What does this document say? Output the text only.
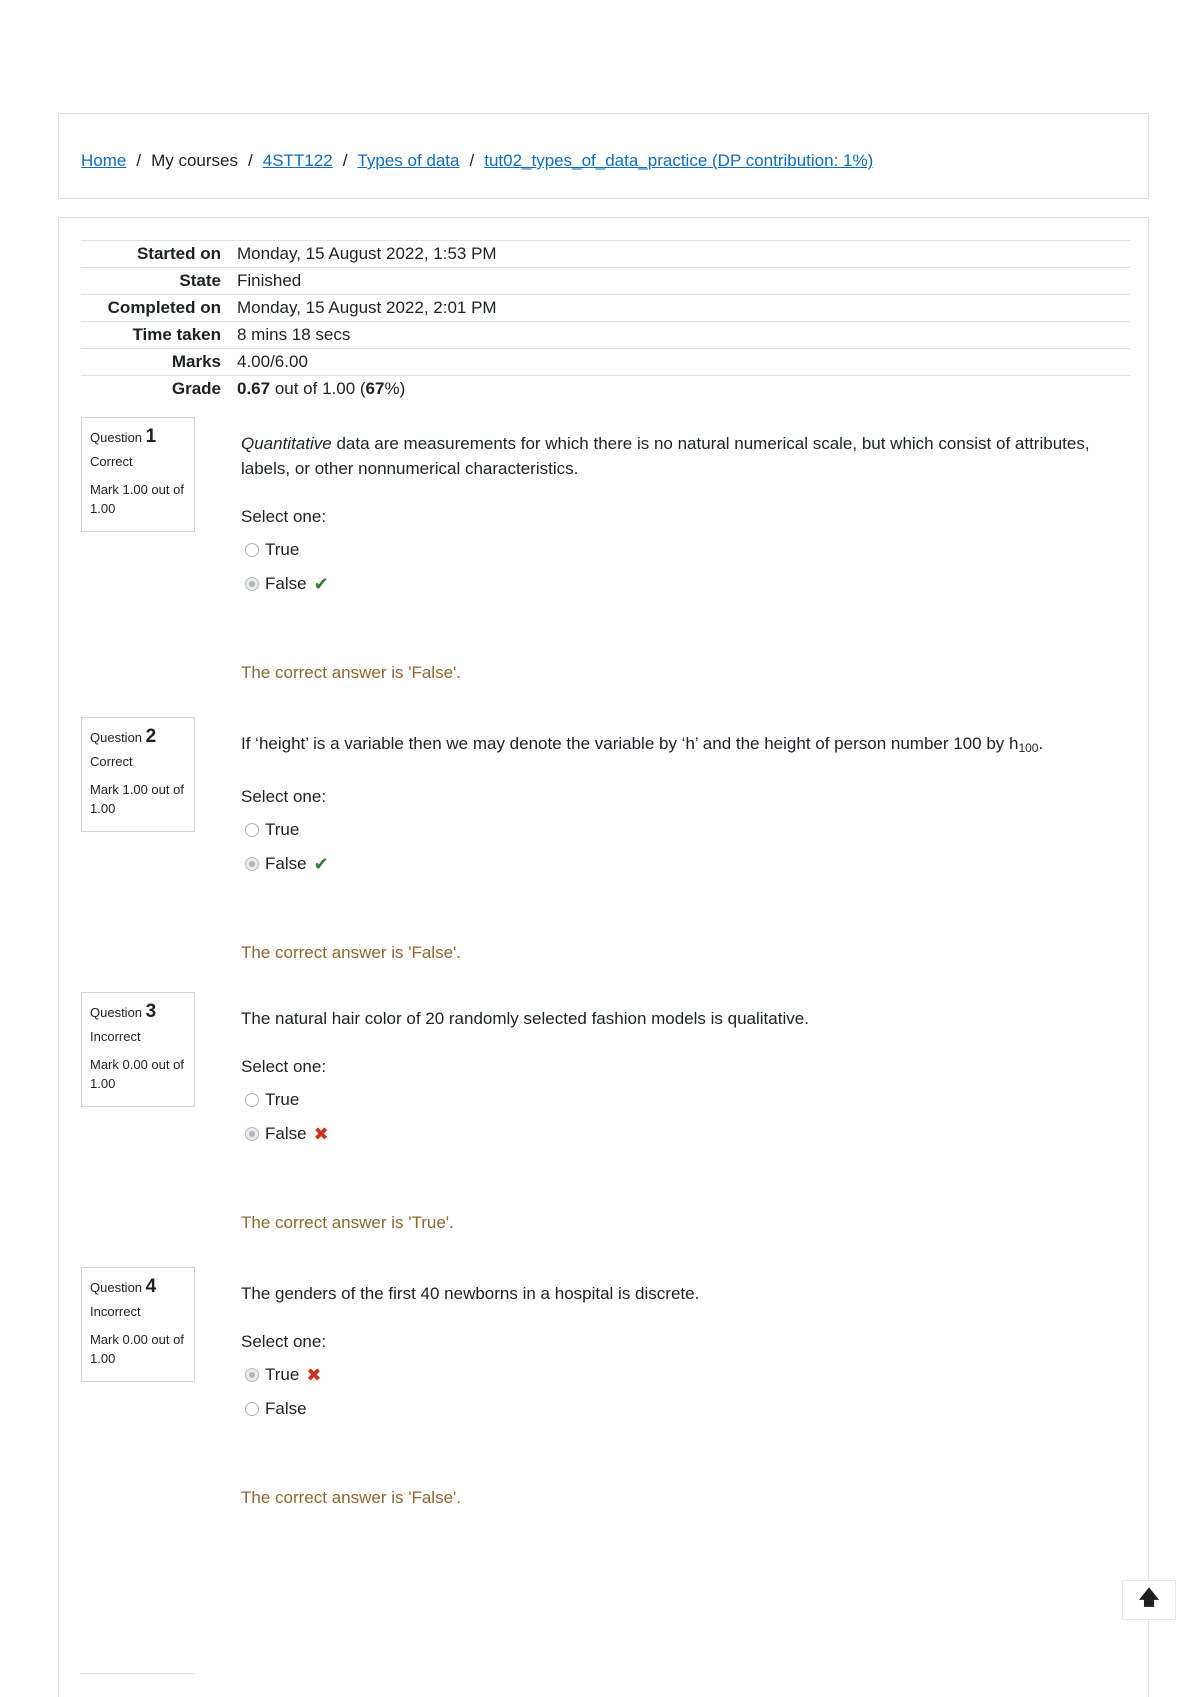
Home / My courses / 4STT122 / Types of data / tut02_types_of_data_practice (DP contribution: 1%)
Started on Monday, 15 August 2022, 1:53 PM
State Finished
Completed on Monday, 15 August 2022, 2:01 PM
Time taken 8 mins 18 secs
Marks 4.00/6.00
Grade 0.67 out of 1.00 (67%)
Question 1
Correct
Mark 1.00 out of 1.00
Quantitative data are measurements for which there is no natural numerical scale, but which consist of attributes, labels, or other nonnumerical characteristics.
Select one:
True
False ✔
The correct answer is 'False'.
Question 2
Correct
Mark 1.00 out of 1.00
If ‘height’ is a variable then we may denote the variable by ‘h’ and the height of person number 100 by $h_{100}$.
Select one:
True
False ✔
The correct answer is 'False'.
Question 3
Incorrect
Mark 0.00 out of 1.00
The natural hair color of 20 randomly selected fashion models is qualitative.
Select one:
True
False ✖
The correct answer is 'True'.
Question 4
Incorrect
Mark 0.00 out of 1.00
The genders of the first 40 newborns in a hospital is discrete.
Select one:
True ✖
False
The correct answer is 'False'.
🡅
